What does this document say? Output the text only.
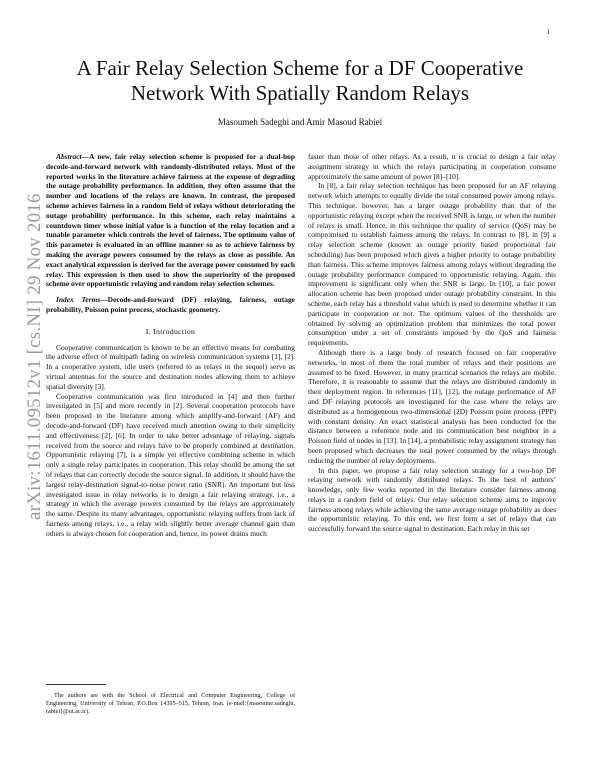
1
arXiv:1611.09512v1 [cs.NI] 29 Nov 2016
A Fair Relay Selection Scheme for a DF Cooperative Network With Spatially Random Relays
Masoumeh Sadeghi and Amir Masoud Rabiei

Abstract—A new, fair relay selection scheme is proposed for a dual-hop decode-and-forward network with randomly-distributed relays. Most of the reported works in the literature achieve fairness at the expense of degrading the outage probability performance. In addition, they often assume that the number and locations of the relays are known. In contrast, the proposed scheme achieves fairness in a random field of relays without deteriorating the outage probability performance. In this scheme, each relay maintains a countdown timer whose initial value is a function of the relay location and a tunable parameter which controls the level of fairness. The optimum value of this parameter is evaluated in an offline manner so as to achieve fairness by making the average powers consumed by the relays as close as possible. An exact analytical expression is derived for the average power consumed by each relay. This expression is then used to show the superiority of the proposed scheme over opportunistic relaying and random relay selection schemes.

Index Terms—Decode-and-forward (DF) relaying, fairness, outage probability, Poisson point process, stochastic geometry.

I. Introduction

Cooperative communication is known to be an effective means for combating the adverse effect of multipath fading on wireless communication systems [1], [2]. In a cooperative system, idle users (referred to as relays in the sequel) serve as virtual antennas for the source and destination nodes allowing them to achieve spatial diversity [3].

Cooperative communication was first introduced in [4] and then further investigated in [5] and more recently in [2]. Several cooperation protocols have been proposed in the literature among which amplify-and-forward (AF) and decode-and-forward (DF) have received much attention owing to their simplicity and effectiveness [2], [6]. In order to take better advantage of relaying, signals received from the source and relays have to be properly combined at destination. Opportunistic relaying [7], is a simple yet effective combining scheme in which only a single relay participates in cooperation. This relay should be among the set of relays that can correctly decode the source signal. In addition, it should have the largest relay-destination signal-to-noise power ratio (SNR). An important but less investigated issue in relay networks is to design a fair relaying strategy, i.e., a strategy in which the average powers consumed by the relays are approximately the same. Despite its many advantages, opportunistic relaying suffers from lack of fairness among relays, i.e., a relay with slightly better average channel gain than others is always chosen for cooperation and, hence, its power drains much

The authors are with the School of Electrical and Computer Engineering, College of Engineering, University of Tehran, P.O.Box 14395–515, Tehran, Iran. (e-mail:{masoume.sadeghi, rabiei}@ut.ac.ir).

faster than those of other relays. As a result, it is crucial to design a fair relay assignment strategy in which the relays participating in cooperation consume approximately the same amount of power [8]–[10].

In [8], a fair relay selection technique has been proposed for an AF relaying network which attempts to equally divide the total consumed power among relays. This technique, however, has a larger outage probability than that of the opportunistic relaying except when the received SNR is large, or when the number of relays is small. Hence, in this technique the quality of service (QoS) may be compromised to establish fairness among the relays. In contrast to [8], in [9] a relay selection scheme (known as outage priority based proportional fair scheduling) has been proposed which gives a higher priority to outage probability than fairness. This scheme improves fairness among relays without degrading the outage probability performance compared to opportunistic relaying. Again, this improvement is significant only when the SNR is large. In [10], a fair power allocation scheme has been proposed under outage probability constraint. In this scheme, each relay has a threshold value which is used to determine whether it can participate in cooperation or not. The optimum values of the thresholds are obtained by solving an optimization problem that minimizes the total power consumption under a set of constraints imposed by the QoS and fairness requirements.

Although there is a large body of research focused on fair cooperative networks, in most of them the total number of relays and their positions are assumed to be fixed. However, in many practical scenarios the relays are mobile. Therefore, it is reasonable to assume that the relays are distributed randomly in their deployment region. In references [11], [12], the outage performance of AF and DF relaying protocols are investigated for the case where the relays are distributed as a homogeneous two-dimensional (2D) Poisson point process (PPP) with constant density. An exact statistical analysis has been conducted for the distance between a reference node and its communication best neighbor in a Poisson field of nodes in [13]. In [14], a probabilistic relay assignment strategy has been proposed which decreases the total power consumed by the relays through reducing the number of relay deployments.

In this paper, we propose a fair relay selection strategy for a two-hop DF relaying network with randomly distributed relays. To the best of authors’ knowledge, only few works reported in the literature consider fairness among relays in a random field of relays. Our relay selection scheme aims to improve fairness among relays while achieving the same average outage probability as does the opportunistic relaying. To this end, we first form a set of relays that can successfully forward the source signal to destination. Each relay in this set
